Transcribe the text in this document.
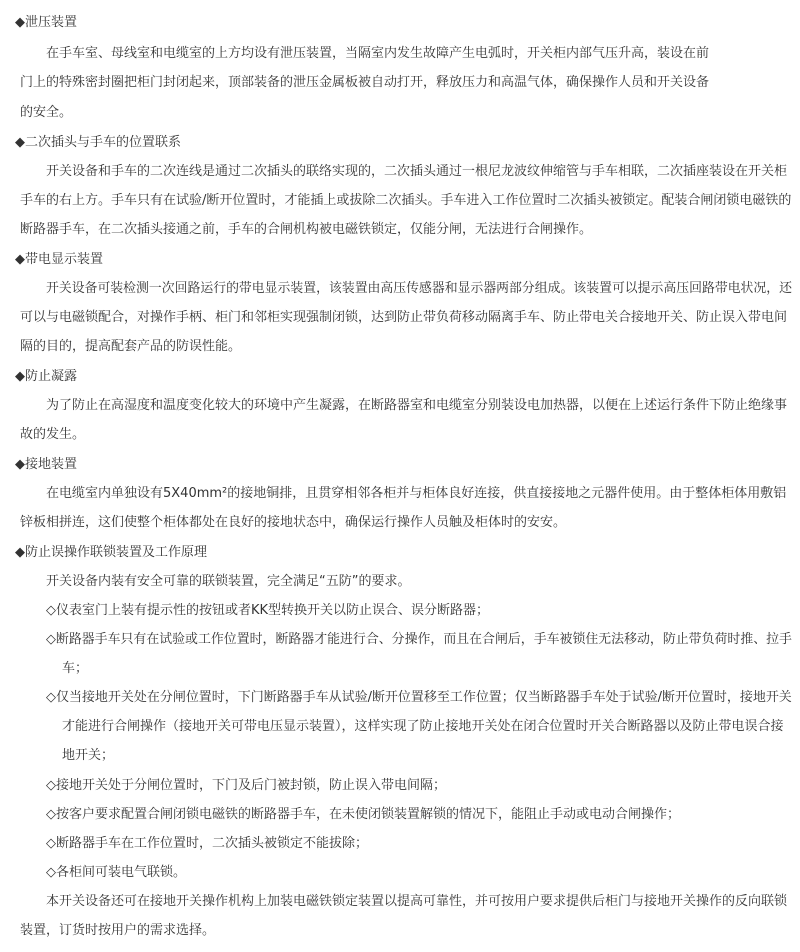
◆泄压装置
在手车室、母线室和电缆室的上方均设有泄压装置，当隔室内发生故障产生电弧时，开关柜内部气压升高，装设在前
门上的特殊密封圈把柜门封闭起来，顶部装备的泄压金属板被自动打开，释放压力和高温气体，确保操作人员和开关设备
的安全。
◆二次插头与手车的位置联系
开关设备和手车的二次连线是通过二次插头的联络实现的，二次插头通过一根尼龙波纹伸缩管与手车相联，二次插座装设在开关柜
手车的右上方。手车只有在试验/断开位置时，才能插上或拔除二次插头。手车进入工作位置时二次插头被锁定。配装合闸闭锁电磁铁的
断路器手车，在二次插头接通之前，手车的合闸机构被电磁铁锁定，仅能分闸，无法进行合闸操作。
◆带电显示装置
开关设备可装检测一次回路运行的带电显示装置，该装置由高压传感器和显示器两部分组成。该装置可以提示高压回路带电状况，还
可以与电磁锁配合，对操作手柄、柜门和邻柜实现强制闭锁，达到防止带负荷移动隔离手车、防止带电关合接地开关、防止误入带电间
隔的目的，提高配套产品的防误性能。
◆防止凝露
为了防止在高湿度和温度变化较大的环境中产生凝露，在断路器室和电缆室分别装设电加热器，以便在上述运行条件下防止绝缘事
故的发生。
◆接地装置
在电缆室内单独设有5X40mm²的接地铜排，且贯穿相邻各柜并与柜体良好连接，供直接接地之元器件使用。由于整体柜体用敷铝
锌板相拼连，这们使整个柜体都处在良好的接地状态中，确保运行操作人员触及柜体时的安安。
◆防止误操作联锁装置及工作原理
开关设备内装有安全可靠的联锁装置，完全满足“五防”的要求。
◇仪表室门上装有提示性的按钮或者KK型转换开关以防止误合、误分断路器；
◇断路器手车只有在试验或工作位置时，断路器才能进行合、分操作，而且在合闸后，手车被锁住无法移动，防止带负荷时推、拉手
车；
◇仅当接地开关处在分闸位置时，下门断路器手车从试验/断开位置移至工作位置；仅当断路器手车处于试验/断开位置时，接地开关
才能进行合闸操作（接地开关可带电压显示装置），这样实现了防止接地开关处在闭合位置时开关合断路器以及防止带电误合接
地开关；
◇接地开关处于分闸位置时，下门及后门被封锁，防止误入带电间隔；
◇按客户要求配置合闸闭锁电磁铁的断路器手车，在未使闭锁装置解锁的情况下，能阻止手动或电动合闸操作；
◇断路器手车在工作位置时，二次插头被锁定不能拔除；
◇各柜间可装电气联锁。
本开关设备还可在接地开关操作机构上加装电磁铁锁定装置以提高可靠性，并可按用户要求提供后柜门与接地开关操作的反向联锁
装置，订货时按用户的需求选择。
